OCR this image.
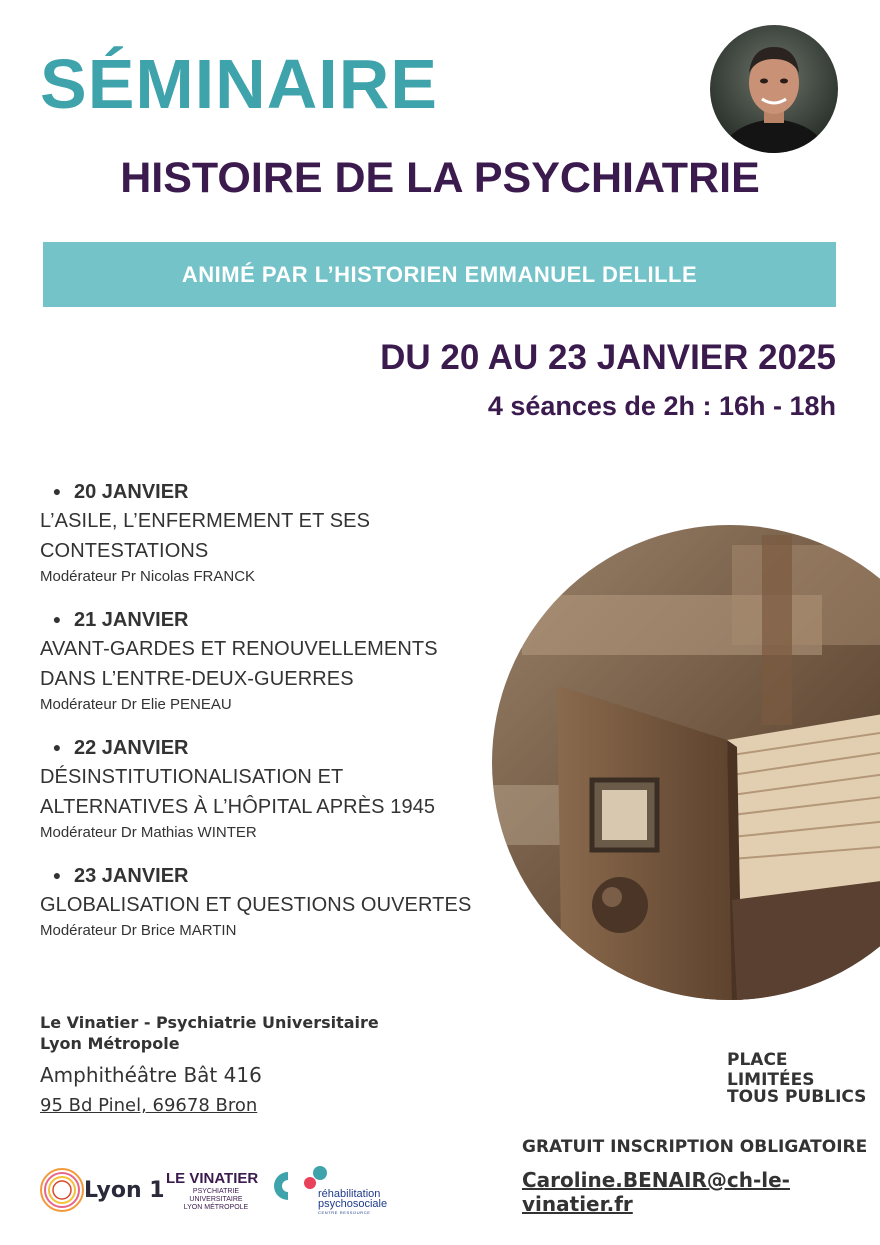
SÉMINAIRE
HISTOIRE DE LA PSYCHIATRIE
ANIMÉ PAR L’HISTORIEN EMMANUEL DELILLE
DU 20 AU 23 JANVIER 2025
4 séances de 2h : 16h - 18h
● 20 JANVIER
L’ASILE, L’ENFERMEMENT ET SES CONTESTATIONS
Modérateur Pr Nicolas FRANCK
● 21 JANVIER
AVANT-GARDES ET RENOUVELLEMENTS
DANS L’ENTRE-DEUX-GUERRES
Modérateur Dr Elie PENEAU
● 22 JANVIER
DÉSINSTITUTIONALISATION ET
ALTERNATIVES À L’HÔPITAL APRÈS 1945
Modérateur Dr Mathias WINTER
● 23 JANVIER
GLOBALISATION ET QUESTIONS OUVERTES
Modérateur Dr Brice MARTIN
Le Vinatier - Psychiatrie Universitaire Lyon Métropole
Amphithéâtre Bât 416
95 Bd Pinel, 69678 Bron
PLACE LIMITÉES
TOUS PUBLICS
GRATUIT INSCRIPTION OBLIGATOIRE
Caroline.BENAIR@ch-le-vinatier.fr
Lyon 1 LE VINATIER
PSYCHIATRIE UNIVERSITAIRE
LYON MÉTROPOLE
réhabilitation
psychosociale
CENTRE RESSOURCE
